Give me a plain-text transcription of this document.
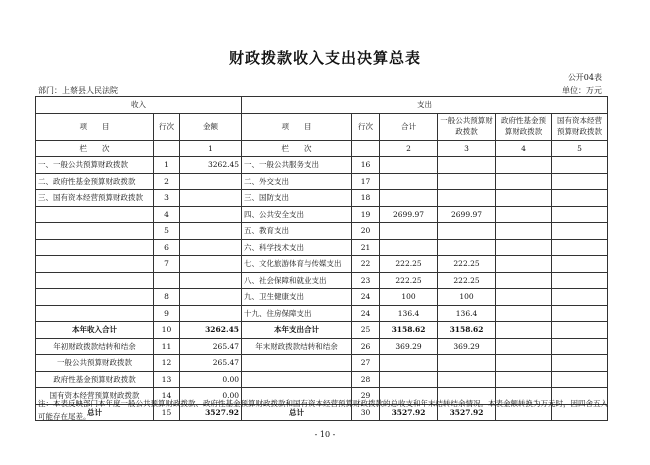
财政拨款收入支出决算总表
公开04表
部门：上蔡县人民法院	单位：万元
收入			支出					
项　　目	行次	金额	项　　目	行次	合计	一般公共预算财政拨款	政府性基金预算财政拨款	国有资本经营预算财政拨款
栏　　次		1	栏　　次		2	3	4	5
一、一般公共预算财政拨款	1	3262.45	一、一般公共服务支出	16				
二、政府性基金预算财政拨款	2		二、外交支出	17				
三、国有资本经营预算财政拨款	3		三、国防支出	18				
	4		四、公共安全支出	19	2699.97	2699.97		
	5		五、教育支出	20				
	6		六、科学技术支出	21				
	7		七、文化旅游体育与传媒支出	22	222.25	222.25		
			八、社会保障和就业支出	23	222.25	222.25		
	8		九、卫生健康支出	24	100	100		
	9		十九、住房保障支出	24	136.4	136.4		
本年收入合计	10	3262.45	本年支出合计	25	3158.62	3158.62		
年初财政拨款结转和结余	11	265.47	年末财政拨款结转和结余	26	369.29	369.29		
一般公共预算财政拨款	12	265.47		27				
政府性基金预算财政拨款	13	0.00		28				
国有资本经营预算财政拨款	14	0.00		29				
总计	15	3527.92	总计	30	3527.92	3527.92		
注：本表反映部门本年度一般公共预算财政拨款、政府性基金预算财政拨款和国有资本经营预算财政拨款的总收支和年末结转结余情况。本表金额转换为万元时，因四舍五入可能存在尾差。
- 10 -
